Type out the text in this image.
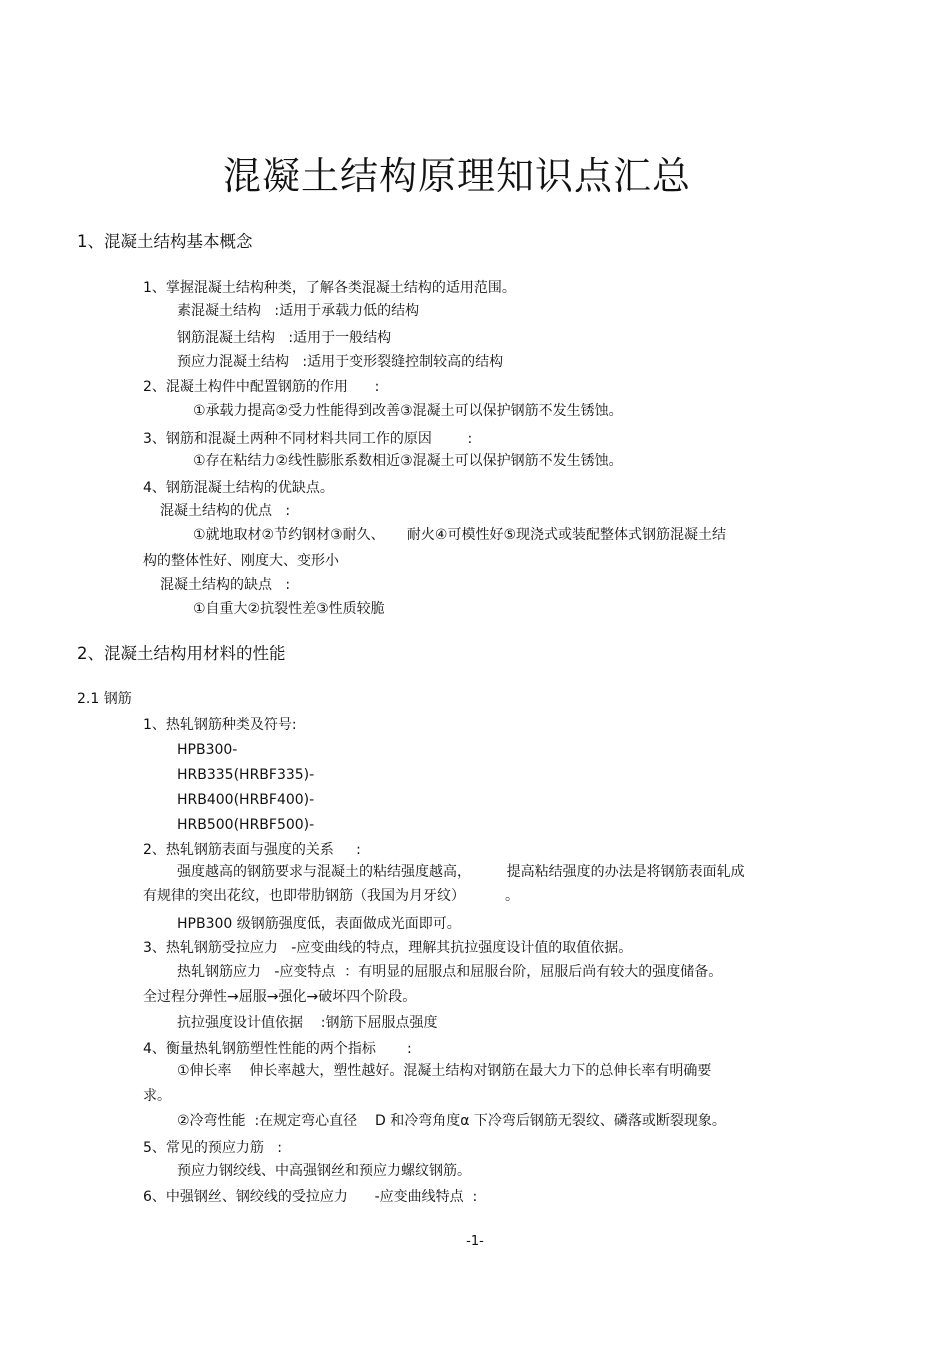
混凝土结构原理知识点汇总
1、混凝土结构基本概念
1、掌握混凝土结构种类，了解各类混凝土结构的适用范围。
素混凝土结构   :适用于承载力低的结构
钢筋混凝土结构   :适用于一般结构
预应力混凝土结构   :适用于变形裂缝控制较高的结构
2、混凝土构件中配置钢筋的作用      :
①承载力提高②受力性能得到改善③混凝土可以保护钢筋不发生锈蚀。
3、钢筋和混凝土两种不同材料共同工作的原因        :
①存在粘结力②线性膨胀系数相近③混凝土可以保护钢筋不发生锈蚀。
4、钢筋混凝土结构的优缺点。
混凝土结构的优点   :
①就地取材②节约钢材③耐久、     耐火④可模性好⑤现浇式或装配整体式钢筋混凝土结
构的整体性好、刚度大、变形小
混凝土结构的缺点   :
①自重大②抗裂性差③性质较脆
2、混凝土结构用材料的性能
2.1 钢筋
1、热轧钢筋种类及符号:
HPB300-
HRB335(HRBF335)-
HRB400(HRBF400)-
HRB500(HRBF500)-
2、热轧钢筋表面与强度的关系     :
强度越高的钢筋要求与混凝土的粘结强度越高，        提高粘结强度的办法是将钢筋表面轧成
有规律的突出花纹，也即带肋钢筋（我国为月牙纹）         。
HPB300 级钢筋强度低，表面做成光面即可。
3、热轧钢筋受拉应力   -应变曲线的特点，理解其抗拉强度设计值的取值依据。
热轧钢筋应力   -应变特点  ：有明显的屈服点和屈服台阶，屈服后尚有较大的强度储备。
全过程分弹性→屈服→强化→破坏四个阶段。
抗拉强度设计值依据    :钢筋下屈服点强度
4、衡量热轧钢筋塑性性能的两个指标       :
①伸长率    伸长率越大，塑性越好。混凝土结构对钢筋在最大力下的总伸长率有明确要
求。
②冷弯性能  :在规定弯心直径    D 和冷弯角度α 下冷弯后钢筋无裂纹、磷落或断裂现象。
5、常见的预应力筋   :
预应力钢绞线、中高强钢丝和预应力螺纹钢筋。
6、中强钢丝、钢绞线的受拉应力      -应变曲线特点  :
-1-
